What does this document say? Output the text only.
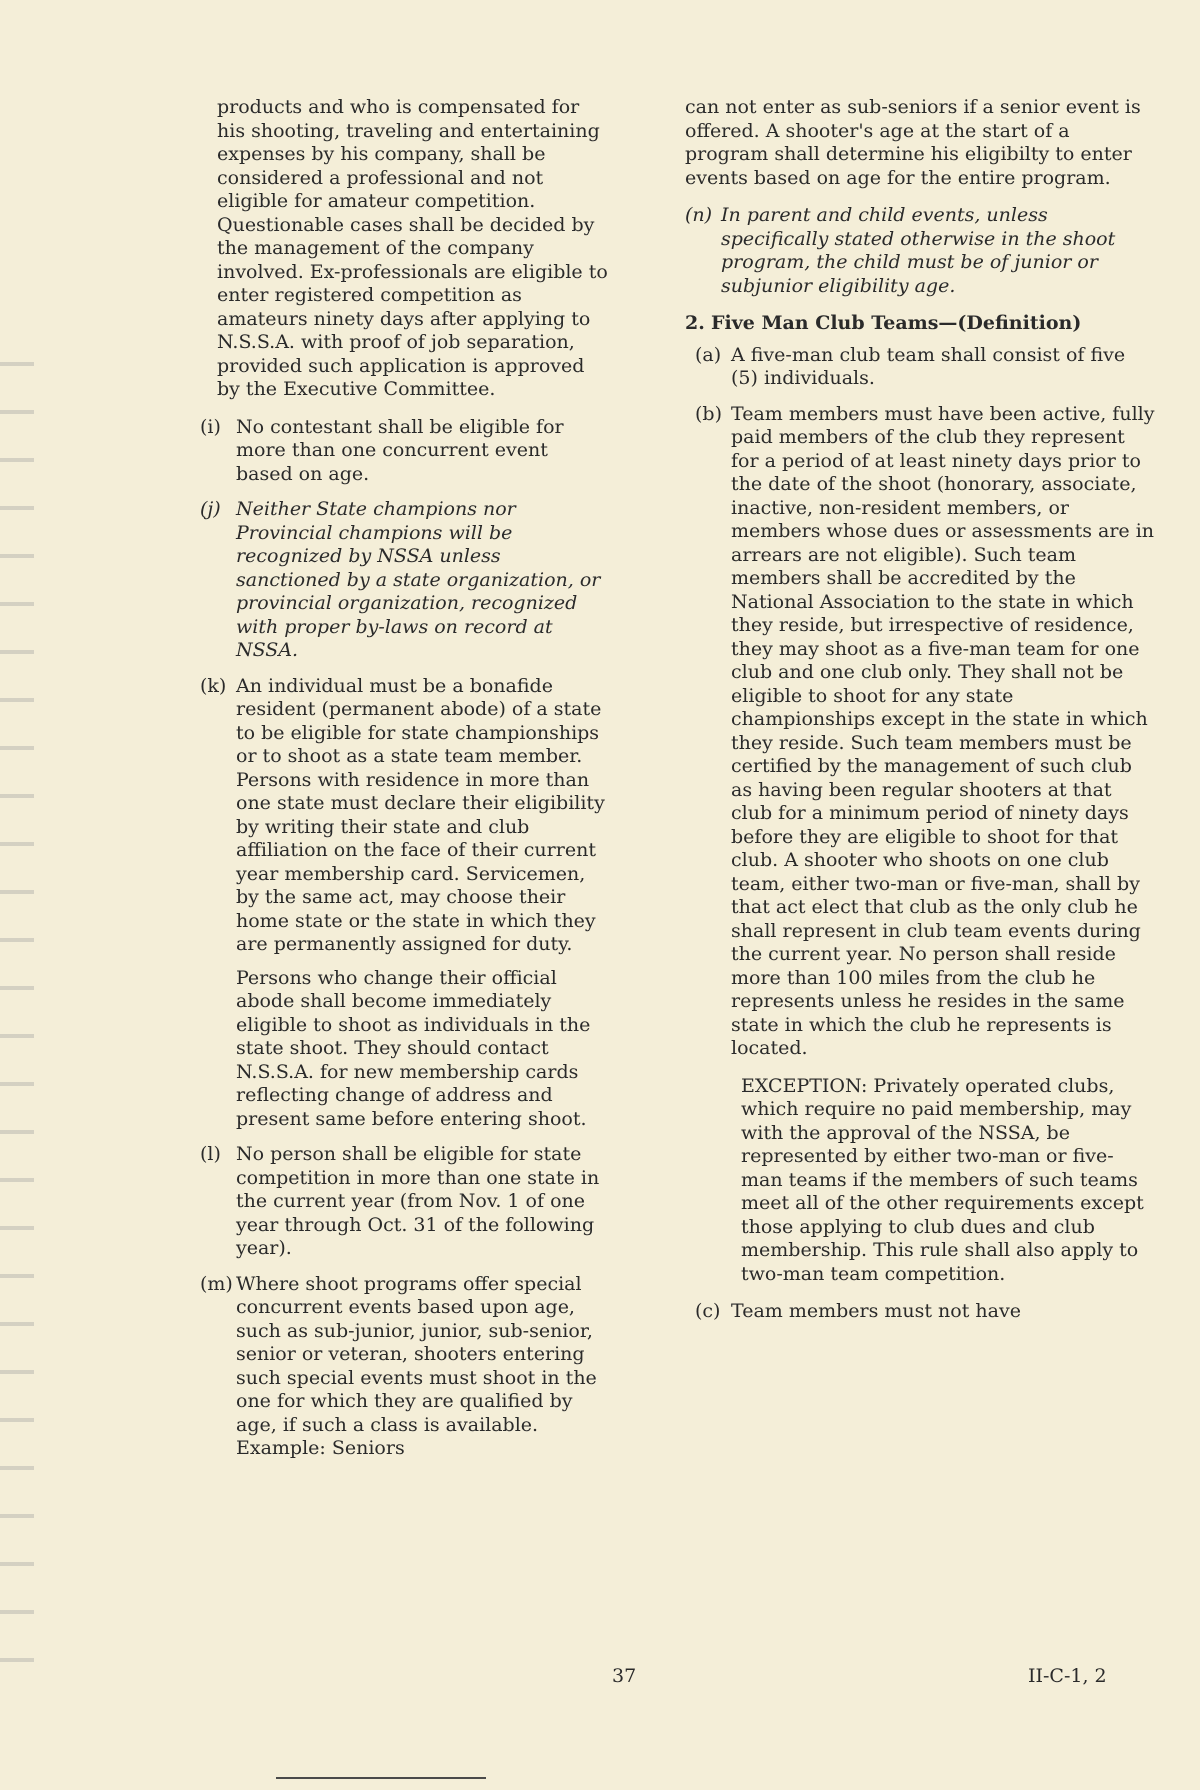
products and who is compensated for his shooting, traveling and entertaining expenses by his company, shall be considered a professional and not eligible for amateur competition. Questionable cases shall be decided by the management of the company involved. Ex-professionals are eligible to enter registered competition as amateurs ninety days after applying to N.S.S.A. with proof of job separation, provided such application is approved by the Executive Committee.

(i) No contestant shall be eligible for more than one concurrent event based on age.

(j) Neither State champions nor Provincial champions will be recognized by NSSA unless sanctioned by a state organization, or provincial organization, recognized with proper by-laws on record at NSSA.

(k) An individual must be a bonafide resident (permanent abode) of a state to be eligible for state championships or to shoot as a state team member. Persons with residence in more than one state must declare their eligibility by writing their state and club affiliation on the face of their current year membership card. Servicemen, by the same act, may choose their home state or the state in which they are permanently assigned for duty.

Persons who change their official abode shall become immediately eligible to shoot as individuals in the state shoot. They should contact N.S.S.A. for new membership cards reflecting change of address and present same before entering shoot.

(l) No person shall be eligible for state competition in more than one state in the current year (from Nov. 1 of one year through Oct. 31 of the following year).

(m) Where shoot programs offer special concurrent events based upon age, such as sub-junior, junior, sub-senior, senior or veteran, shooters entering such special events must shoot in the one for which they are qualified by age, if such a class is available. Example: Seniors

can not enter as sub-seniors if a senior event is offered. A shooter's age at the start of a program shall determine his eligibilty to enter events based on age for the entire program.

(n) In parent and child events, unless specifically stated otherwise in the shoot program, the child must be of junior or subjunior eligibility age.

2. Five Man Club Teams—(Definition)
(a) A five-man club team shall consist of five (5) individuals.

(b) Team members must have been active, fully paid members of the club they represent for a period of at least ninety days prior to the date of the shoot (honorary, associate, inactive, non-resident members, or members whose dues or assessments are in arrears are not eligible). Such team members shall be accredited by the National Association to the state in which they reside, but irrespective of residence, they may shoot as a five-man team for one club and one club only. They shall not be eligible to shoot for any state championships except in the state in which they reside. Such team members must be certified by the management of such club as having been regular shooters at that club for a minimum period of ninety days before they are eligible to shoot for that club. A shooter who shoots on one club team, either two-man or five-man, shall by that act elect that club as the only club he shall represent in club team events during the current year. No person shall reside more than 100 miles from the club he represents unless he resides in the same state in which the club he represents is located.

EXCEPTION: Privately operated clubs, which require no paid membership, may with the approval of the NSSA, be represented by either two-man or five-man teams if the members of such teams meet all of the other requirements except those applying to club dues and club membership. This rule shall also apply to two-man team competition.

(c) Team members must not have

37	II-C-1, 2
